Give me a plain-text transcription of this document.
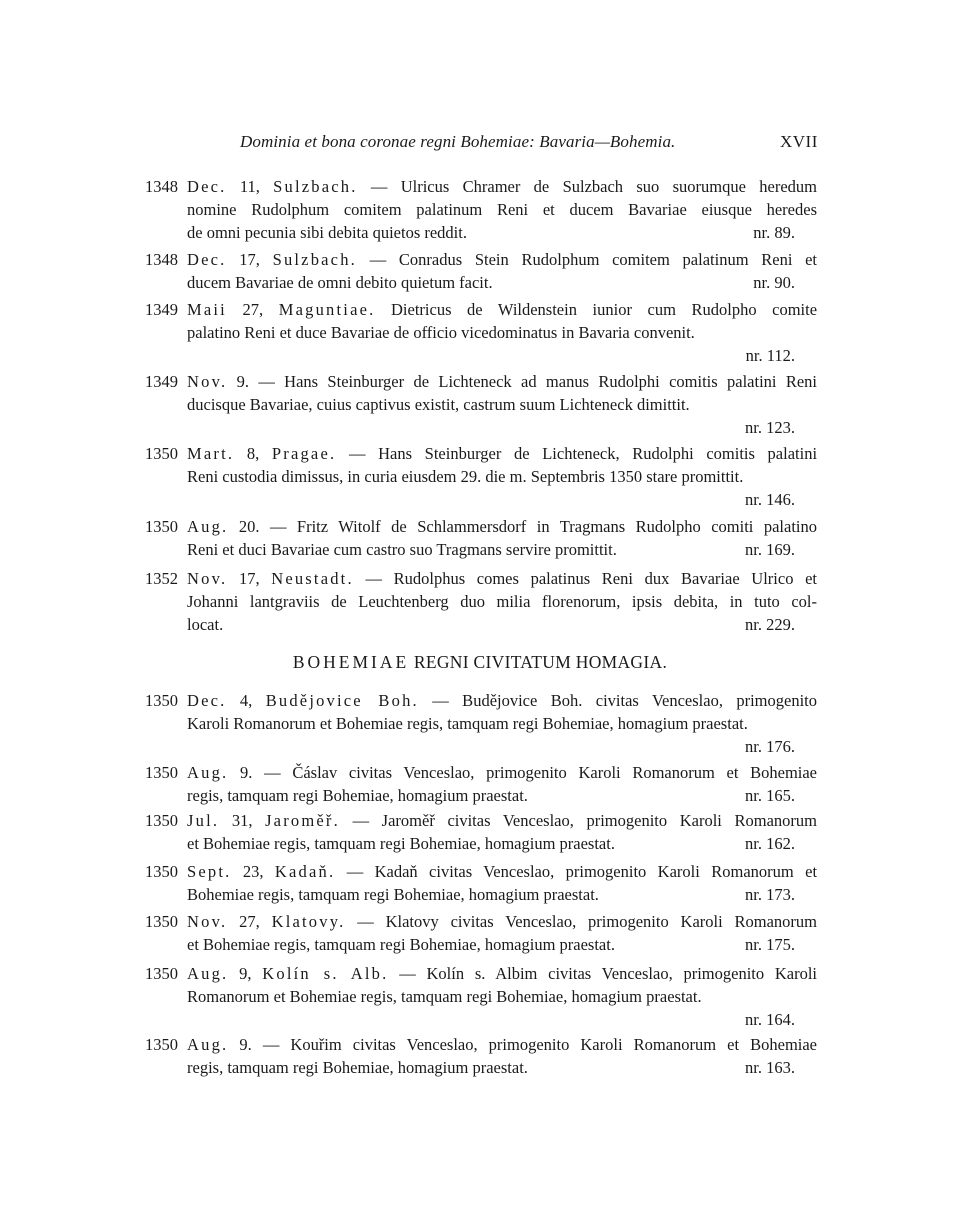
Dominia et bona coronae regni Bohemiae: Bavaria—Bohemia.	XVII
1348 Dec. 11, Sulzbach. — Ulricus Chramer de Sulzbach suo suorumque heredum
nomine Rudolphum comitem palatinum Reni et ducem Bavariae eiusque heredes
de omni pecunia sibi debita quietos reddit.	nr. 89.
1348 Dec. 17, Sulzbach. — Conradus Stein Rudolphum comitem palatinum Reni et
ducem Bavariae de omni debito quietum facit.	nr. 90.
1349 Maii 27, Maguntiae. Dietricus de Wildenstein iunior cum Rudolpho comite
palatino Reni et duce Bavariae de officio vicedominatus in Bavaria convenit.
nr. 112.
1349 Nov. 9. — Hans Steinburger de Lichteneck ad manus Rudolphi comitis palatini Reni
ducisque Bavariae, cuius captivus existit, castrum suum Lichteneck dimittit.
nr. 123.
1350 Mart. 8, Pragae. — Hans Steinburger de Lichteneck, Rudolphi comitis palatini
Reni custodia dimissus, in curia eiusdem 29. die m. Septembris 1350 stare promittit.
nr. 146.
1350 Aug. 20. — Fritz Witolf de Schlammersdorf in Tragmans Rudolpho comiti palatino
Reni et duci Bavariae cum castro suo Tragmans servire promittit.	nr. 169.
1352 Nov. 17, Neustadt. — Rudolphus comes palatinus Reni dux Bavariae Ulrico et
Johanni lantgraviis de Leuchtenberg duo milia florenorum, ipsis debita, in tuto col-
locat.	nr. 229.
BOHEMIAE REGNI CIVITATUM HOMAGIA.
1350 Dec. 4, Budějovice Boh. — Budějovice Boh. civitas Venceslao, primogenito
Karoli Romanorum et Bohemiae regis, tamquam regi Bohemiae, homagium praestat.
nr. 176.
1350 Aug. 9. — Čáslav civitas Venceslao, primogenito Karoli Romanorum et Bohemiae
regis, tamquam regi Bohemiae, homagium praestat.	nr. 165.
1350 Jul. 31, Jaroměř. — Jaroměř civitas Venceslao, primogenito Karoli Romanorum
et Bohemiae regis, tamquam regi Bohemiae, homagium praestat.	nr. 162.
1350 Sept. 23, Kadaň. — Kadaň civitas Venceslao, primogenito Karoli Romanorum et
Bohemiae regis, tamquam regi Bohemiae, homagium praestat.	nr. 173.
1350 Nov. 27, Klatovy. — Klatovy civitas Venceslao, primogenito Karoli Romanorum
et Bohemiae regis, tamquam regi Bohemiae, homagium praestat.	nr. 175.
1350 Aug. 9, Kolín s. Alb. — Kolín s. Albim civitas Venceslao, primogenito Karoli
Romanorum et Bohemiae regis, tamquam regi Bohemiae, homagium praestat.
nr. 164.
1350 Aug. 9. — Kouřim civitas Venceslao, primogenito Karoli Romanorum et Bohemiae
regis, tamquam regi Bohemiae, homagium praestat.	nr. 163.
